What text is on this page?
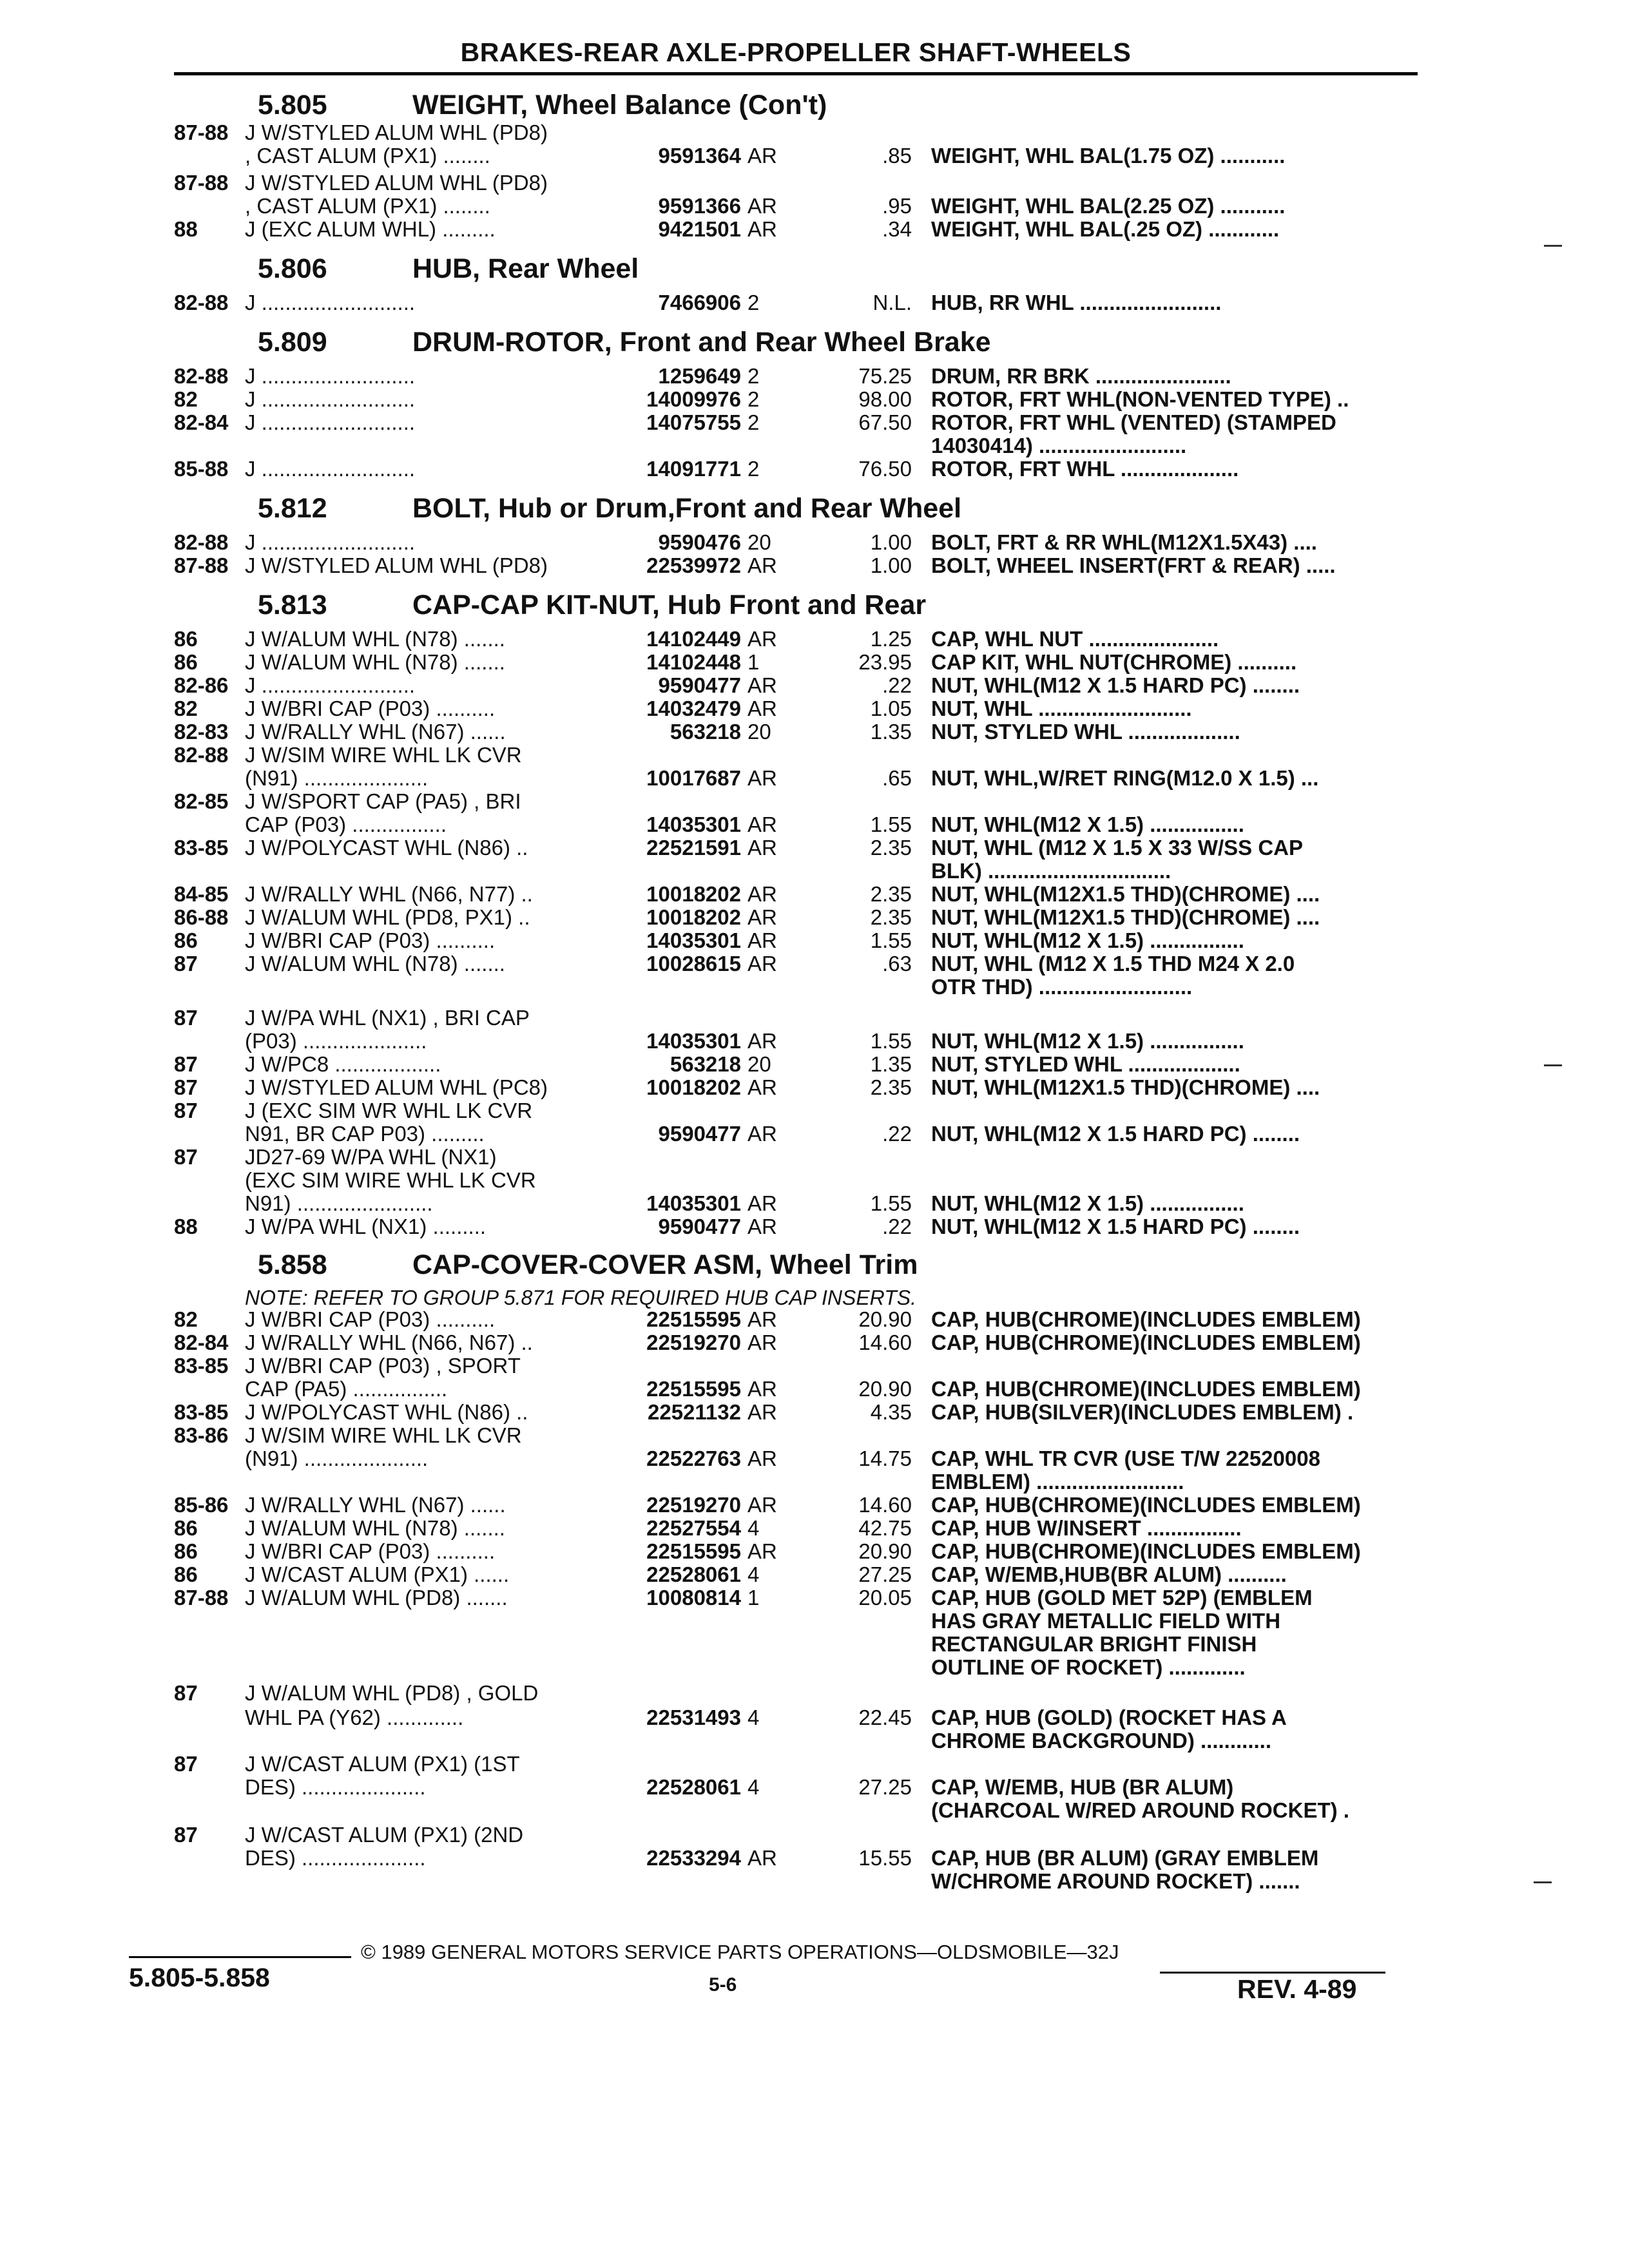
BRAKES-REAR AXLE-PROPELLER SHAFT-WHEELS
5.805	WEIGHT, Wheel Balance (Con't)
87-88 J W/STYLED ALUM WHL (PD8)
, CAST ALUM (PX1) ........	9591364 AR	.85 WEIGHT, WHL BAL(1.75 OZ) ...........
87-88 J W/STYLED ALUM WHL (PD8)
, CAST ALUM (PX1) ........	9591366 AR	.95 WEIGHT, WHL BAL(2.25 OZ) ...........
88	J (EXC ALUM WHL) .........	9421501 AR	.34 WEIGHT, WHL BAL(.25 OZ) ............
5.806	HUB, Rear Wheel
82-88 J ..........................	7466906 2	N.L. HUB, RR WHL ........................
5.809	DRUM-ROTOR, Front and Rear Wheel Brake
82-88 J ..........................	1259649 2	75.25 DRUM, RR BRK .......................
82	J ..........................	14009976 2	98.00 ROTOR, FRT WHL(NON-VENTED TYPE) ..
82-84 J ..........................	14075755 2	67.50 ROTOR, FRT WHL (VENTED) (STAMPED
14030414) .........................
85-88 J ..........................	14091771 2	76.50 ROTOR, FRT WHL ....................
5.812	BOLT, Hub or Drum,Front and Rear Wheel
82-88 J ..........................	9590476 20	1.00 BOLT, FRT & RR WHL(M12X1.5X43) ....
87-88 J W/STYLED ALUM WHL (PD8)	22539972 AR	1.00 BOLT, WHEEL INSERT(FRT & REAR) .....
5.813	CAP-CAP KIT-NUT, Hub Front and Rear
86	J W/ALUM WHL (N78) .......	14102449 AR	1.25 CAP, WHL NUT ......................
86	J W/ALUM WHL (N78) .......	14102448 1	23.95 CAP KIT, WHL NUT(CHROME) ..........
82-86 J ..........................	9590477 AR	.22 NUT, WHL(M12 X 1.5 HARD PC) ........
82	J W/BRI CAP (P03) ..........	14032479 AR	1.05 NUT, WHL ..........................
82-83 J W/RALLY WHL (N67) ......	563218 20	1.35 NUT, STYLED WHL ...................
82-88 J W/SIM WIRE WHL LK CVR
(N91) .....................	10017687 AR	.65 NUT, WHL,W/RET RING(M12.0 X 1.5) ...
82-85 J W/SPORT CAP (PA5) , BRI
CAP (P03) ................	14035301 AR	1.55 NUT, WHL(M12 X 1.5) ................
83-85 J W/POLYCAST WHL (N86) ..	22521591 AR	2.35 NUT, WHL (M12 X 1.5 X 33 W/SS CAP
BLK) ...............................
84-85 J W/RALLY WHL (N66, N77) ..	10018202 AR	2.35 NUT, WHL(M12X1.5 THD)(CHROME) ....
86-88 J W/ALUM WHL (PD8, PX1) ..	10018202 AR	2.35 NUT, WHL(M12X1.5 THD)(CHROME) ....
86	J W/BRI CAP (P03) ..........	14035301 AR	1.55 NUT, WHL(M12 X 1.5) ................
87	J W/ALUM WHL (N78) .......	10028615 AR	.63 NUT, WHL (M12 X 1.5 THD M24 X 2.0
OTR THD) ..........................
87	J W/PA WHL (NX1) , BRI CAP
(P03) .....................	14035301 AR	1.55 NUT, WHL(M12 X 1.5) ................
87	J W/PC8 ..................	563218 20	1.35 NUT, STYLED WHL ...................
87	J W/STYLED ALUM WHL (PC8)	10018202 AR	2.35 NUT, WHL(M12X1.5 THD)(CHROME) ....
87	J (EXC SIM WR WHL LK CVR
N91, BR CAP P03) .........	9590477 AR	.22 NUT, WHL(M12 X 1.5 HARD PC) ........
87	JD27-69 W/PA WHL (NX1)
(EXC SIM WIRE WHL LK CVR
N91) .......................	14035301 AR	1.55 NUT, WHL(M12 X 1.5) ................
88	J W/PA WHL (NX1) .........	9590477 AR	.22 NUT, WHL(M12 X 1.5 HARD PC) ........
5.858	CAP-COVER-COVER ASM, Wheel Trim
NOTE: REFER TO GROUP 5.871 FOR REQUIRED HUB CAP INSERTS.
82	J W/BRI CAP (P03) ..........	22515595 AR	20.90 CAP, HUB(CHROME)(INCLUDES EMBLEM)
82-84 J W/RALLY WHL (N66, N67) ..	22519270 AR	14.60 CAP, HUB(CHROME)(INCLUDES EMBLEM)
83-85 J W/BRI CAP (P03) , SPORT
CAP (PA5) ................	22515595 AR	20.90 CAP, HUB(CHROME)(INCLUDES EMBLEM)
83-85 J W/POLYCAST WHL (N86) ..	22521132 AR	4.35 CAP, HUB(SILVER)(INCLUDES EMBLEM) .
83-86 J W/SIM WIRE WHL LK CVR
(N91) .....................	22522763 AR	14.75 CAP, WHL TR CVR (USE T/W 22520008
EMBLEM) .........................
85-86 J W/RALLY WHL (N67) ......	22519270 AR	14.60 CAP, HUB(CHROME)(INCLUDES EMBLEM)
86	J W/ALUM WHL (N78) .......	22527554 4	42.75 CAP, HUB W/INSERT ................
86	J W/BRI CAP (P03) ..........	22515595 AR	20.90 CAP, HUB(CHROME)(INCLUDES EMBLEM)
86	J W/CAST ALUM (PX1) ......	22528061 4	27.25 CAP, W/EMB,HUB(BR ALUM) ..........
87-88 J W/ALUM WHL (PD8) .......	10080814 1	20.05 CAP, HUB (GOLD MET 52P) (EMBLEM
HAS GRAY METALLIC FIELD WITH
RECTANGULAR BRIGHT FINISH
OUTLINE OF ROCKET) .............
87	J W/ALUM WHL (PD8) , GOLD
WHL PA (Y62) .............	22531493 4	22.45 CAP, HUB (GOLD) (ROCKET HAS A
CHROME BACKGROUND) ............
87	J W/CAST ALUM (PX1) (1ST
DES) .....................	22528061 4	27.25 CAP, W/EMB, HUB (BR ALUM)
(CHARCOAL W/RED AROUND ROCKET) .
87	J W/CAST ALUM (PX1) (2ND
DES) .....................	22533294 AR	15.55 CAP, HUB (BR ALUM) (GRAY EMBLEM
W/CHROME AROUND ROCKET) .......
© 1989 GENERAL MOTORS SERVICE PARTS OPERATIONS—OLDSMOBILE—32J
5.805-5.858	5-6	REV. 4-89
